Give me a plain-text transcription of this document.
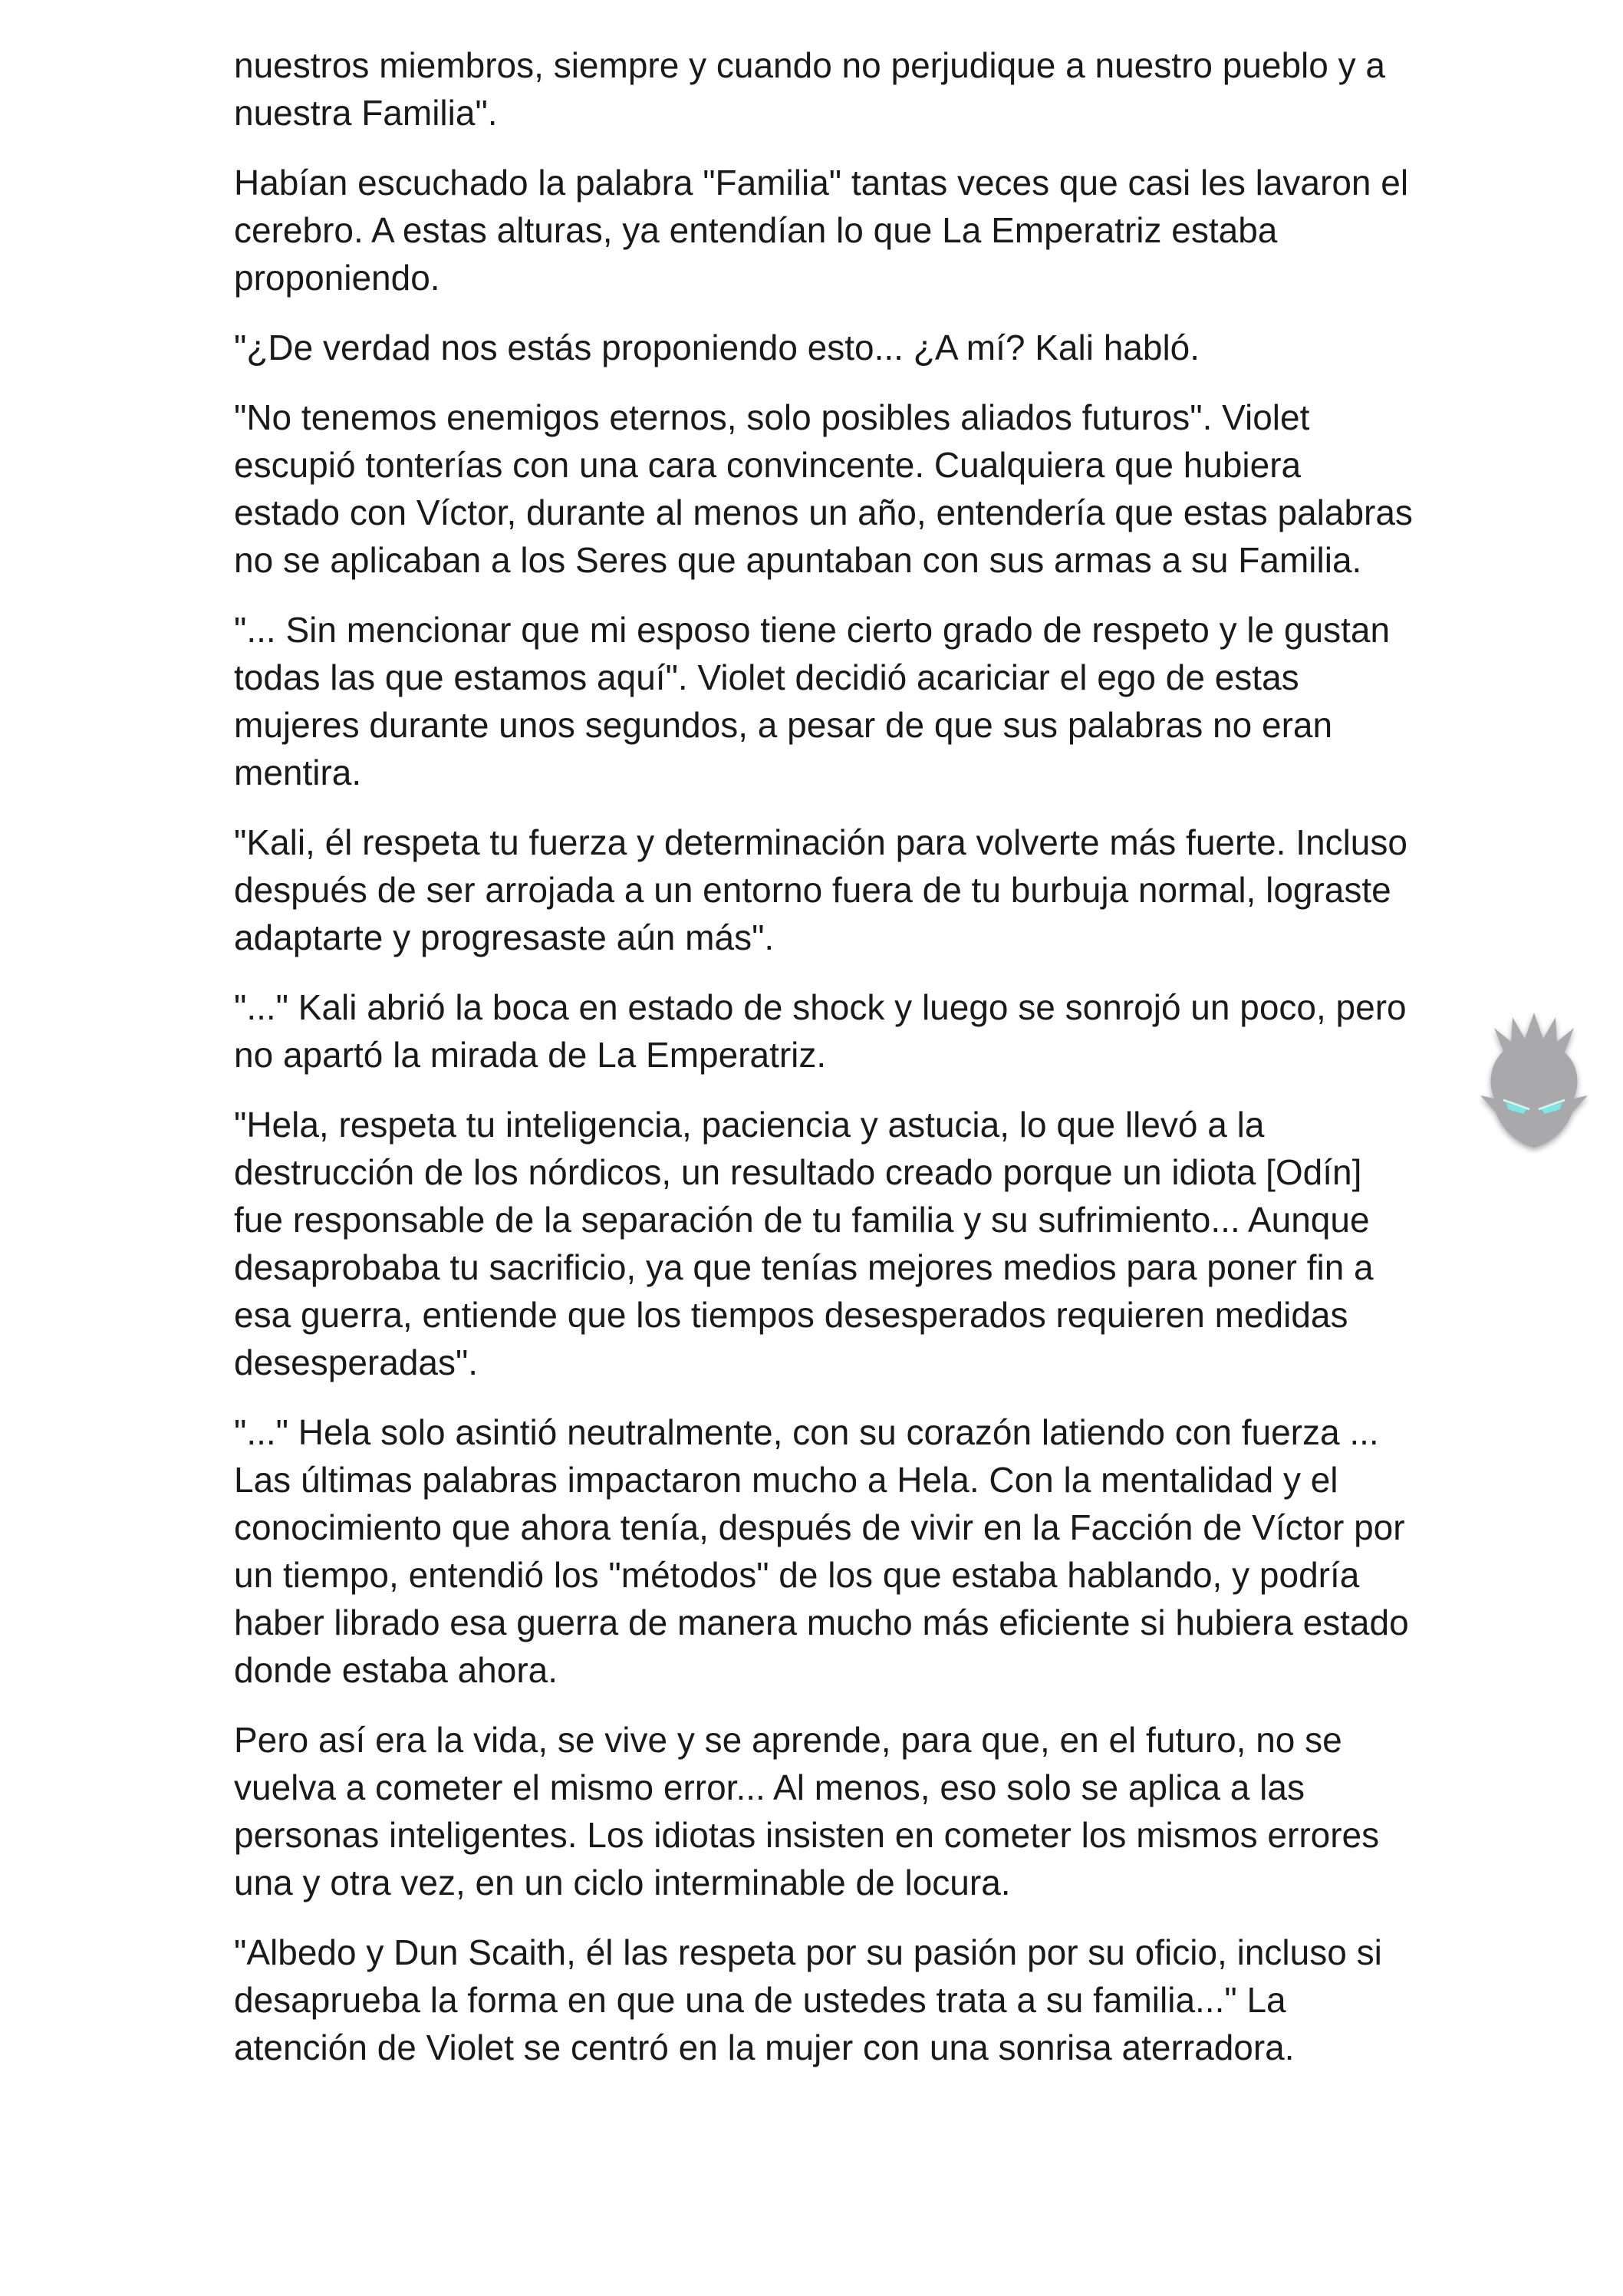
nuestros miembros, siempre y cuando no perjudique a nuestro pueblo y a nuestra Familia".

Habían escuchado la palabra "Familia" tantas veces que casi les lavaron el cerebro. A estas alturas, ya entendían lo que La Emperatriz estaba proponiendo.

"¿De verdad nos estás proponiendo esto... ¿A mí? Kali habló.

"No tenemos enemigos eternos, solo posibles aliados futuros". Violet escupió tonterías con una cara convincente. Cualquiera que hubiera estado con Víctor, durante al menos un año, entendería que estas palabras no se aplicaban a los Seres que apuntaban con sus armas a su Familia.

"... Sin mencionar que mi esposo tiene cierto grado de respeto y le gustan todas las que estamos aquí". Violet decidió acariciar el ego de estas mujeres durante unos segundos, a pesar de que sus palabras no eran mentira.

"Kali, él respeta tu fuerza y determinación para volverte más fuerte. Incluso después de ser arrojada a un entorno fuera de tu burbuja normal, lograste adaptarte y progresaste aún más".

"..." Kali abrió la boca en estado de shock y luego se sonrojó un poco, pero no apartó la mirada de La Emperatriz.

"Hela, respeta tu inteligencia, paciencia y astucia, lo que llevó a la destrucción de los nórdicos, un resultado creado porque un idiota [Odín] fue responsable de la separación de tu familia y su sufrimiento... Aunque desaprobaba tu sacrificio, ya que tenías mejores medios para poner fin a esa guerra, entiende que los tiempos desesperados requieren medidas desesperadas".

"..." Hela solo asintió neutralmente, con su corazón latiendo con fuerza ... Las últimas palabras impactaron mucho a Hela. Con la mentalidad y el conocimiento que ahora tenía, después de vivir en la Facción de Víctor por un tiempo, entendió los "métodos" de los que estaba hablando, y podría haber librado esa guerra de manera mucho más eficiente si hubiera estado donde estaba ahora.

Pero así era la vida, se vive y se aprende, para que, en el futuro, no se vuelva a cometer el mismo error... Al menos, eso solo se aplica a las personas inteligentes. Los idiotas insisten en cometer los mismos errores una y otra vez, en un ciclo interminable de locura.

"Albedo y Dun Scaith, él las respeta por su pasión por su oficio, incluso si desaprueba la forma en que una de ustedes trata a su familia..." La atención de Violet se centró en la mujer con una sonrisa aterradora.
